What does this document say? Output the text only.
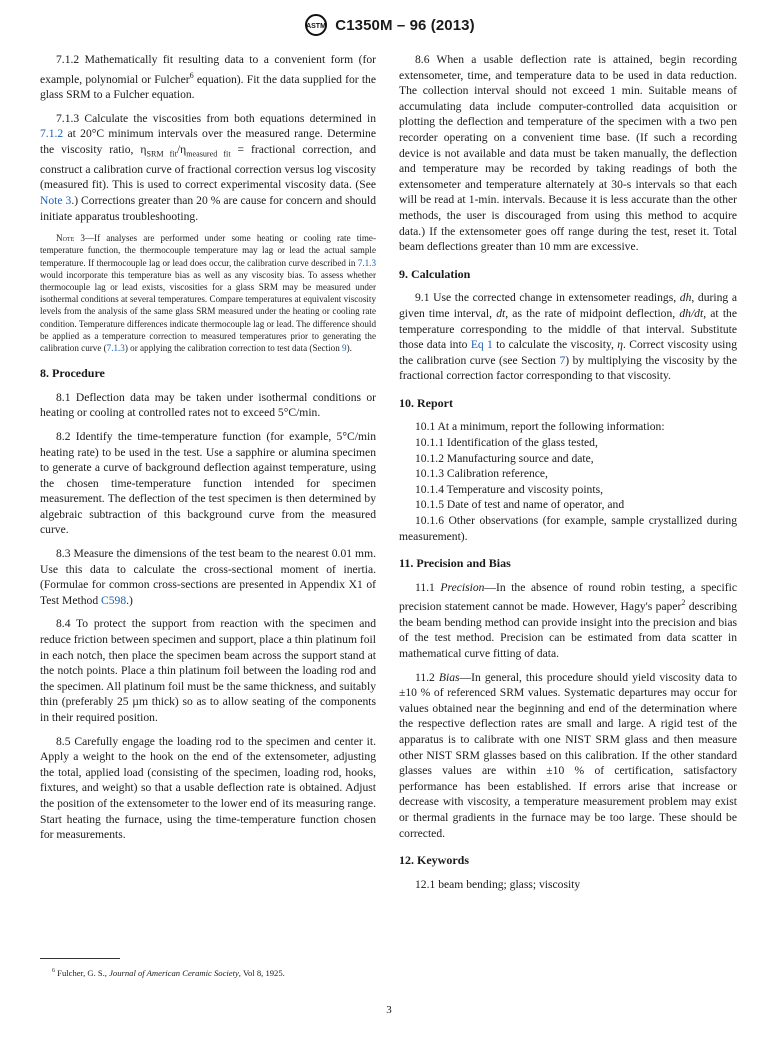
ASTM C1350M – 96 (2013)

7.1.2 Mathematically fit resulting data to a convenient form (for example, polynomial or Fulcher$^6$ equation). Fit the data supplied for the glass SRM to a Fulcher equation.

7.1.3 Calculate the viscosities from both equations determined in 7.1.2 at 20°C minimum intervals over the measured range. Determine the viscosity ratio, $\eta_{SRM fit}/\eta_{measured fit}$ = fractional correction, and construct a calibration curve of fractional correction versus log viscosity (measured fit). This is used to correct experimental viscosity data. (See Note 3.) Corrections greater than 20 % are cause for concern and should initiate apparatus troubleshooting.

Note 3—If analyses are performed under some heating or cooling rate time-temperature function, the thermocouple temperature may lag or lead the actual sample temperature. If thermocouple lag or lead does occur, the calibration curve described in 7.1.3 would incorporate this temperature bias as well as any viscosity bias. To assess whether thermocouple lag or lead exists, viscosities for a glass SRM may be measured under isothermal conditions at several temperatures. Compare temperatures at equivalent viscosity levels from the analysis of the same glass SRM measured under the heating or cooling rate condition. Temperature differences indicate thermocouple lag or lead. The difference should be applied as a temperature correction to measured temperatures prior to generating the calibration curve (7.1.3) or applying the calibration correction to test data (Section 9).
8. Procedure

8.1 Deflection data may be taken under isothermal conditions or heating or cooling at controlled rates not to exceed 5°C/min.

8.2 Identify the time-temperature function (for example, 5°C/min heating rate) to be used in the test. Use a sapphire or alumina specimen to generate a curve of background deflection against temperature, using the chosen time-temperature function intended for specimen measurement. The deflection of the test specimen is then determined by algebraic subtraction of this background curve from the measured curve.

8.3 Measure the dimensions of the test beam to the nearest 0.01 mm. Use this data to calculate the cross-sectional moment of inertia. (Formulae for common cross-sections are presented in Appendix X1 of Test Method C598.)

8.4 To protect the support from reaction with the specimen and reduce friction between specimen and support, place a thin platinum foil in each notch, then place the specimen beam across the support stand at the notch points. Place a thin platinum foil between the loading rod and the specimen. All platinum foil must be the same thickness, and suitably thin (preferably 25 µm thick) so as to allow seating of the components in their required position.

8.5 Carefully engage the loading rod to the specimen and center it. Apply a weight to the hook on the end of the extensometer, adjusting the total, applied load (consisting of the specimen, loading rod, hooks, fixtures, and weight) so that a usable deflection rate is obtained. Adjust the position of the extensometer to the lower end of its measuring range. Start heating the furnace, using the time-temperature function chosen for measurements.

$^6$ Fulcher, G. S., Journal of American Ceramic Society, Vol 8, 1925.

8.6 When a usable deflection rate is attained, begin recording extensometer, time, and temperature data to be used in data reduction. The collection interval should not exceed 1 min. Suitable means of accumulating data include computer-controlled data acquisition or plotting the deflection and temperature of the specimen with a two pen recorder operating on a convenient time base. (If such a recording device is not available and data must be taken manually, the deflection and temperature may be recorded by taking readings of both the extensometer and temperature alternately at 30-s intervals so that each will be read at 1-min. intervals. Because it is less accurate than the other methods, the user is discouraged from using this method to acquire data.) If the extensometer goes off range during the test, reset it. Total beam deflections greater than 10 mm are excessive.

9. Calculation

9.1 Use the corrected change in extensometer readings, dh, during a given time interval, dt, as the rate of midpoint deflection, dh/dt, at the temperature corresponding to the middle of that interval. Substitute those data into Eq 1 to calculate the viscosity, η. Correct viscosity using the calibration curve (see Section 7) by multiplying the viscosity by the fractional correction factor corresponding to that viscosity.

10. Report

10.1 At a minimum, report the following information:

10.1.1 Identification of the glass tested,

10.1.2 Manufacturing source and date,

10.1.3 Calibration reference,

10.1.4 Temperature and viscosity points,

10.1.5 Date of test and name of operator, and

10.1.6 Other observations (for example, sample crystallized during measurement).

11. Precision and Bias

11.1 Precision—In the absence of round robin testing, a specific precision statement cannot be made. However, Hagy's paper$^2$ describing the beam bending method can provide insight into the precision and bias of the test method. Precision can be estimated from data scatter in mathematical curve fitting of data.

11.2 Bias—In general, this procedure should yield viscosity data to ±10 % of referenced SRM values. Systematic departures may occur for values obtained near the beginning and end of the determination where the respective deflection rates are small and large. A rigid test of the apparatus is to calibrate with one NIST SRM glass and then measure other NIST SRM glasses based on this calibration. If the other standard glasses values are within ±10 % of certification, satisfactory performance has been established. If errors arise that increase or decrease with viscosity, a temperature measurement problem may exist or thermal gradients in the furnace may be too large. These should be corrected.

12. Keywords

12.1 beam bending; glass; viscosity

3
